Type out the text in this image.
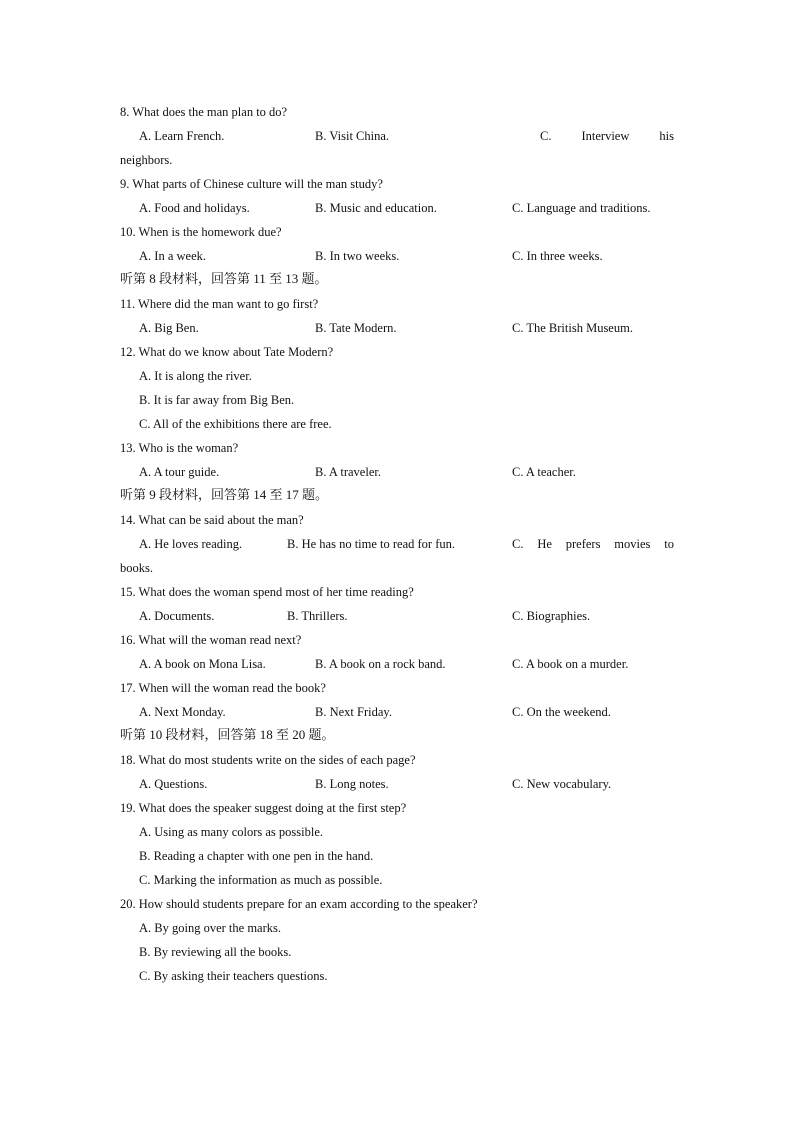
8. What does the man plan to do?
A. Learn French.	B. Visit China.	C. Interview his
neighbors.
9. What parts of Chinese culture will the man study?
A. Food and holidays.	B. Music and education.	C. Language and traditions.
10. When is the homework due?
A. In a week.	B. In two weeks.	C. In three weeks.
听第 8 段材料，回答第 11 至 13 题。
11. Where did the man want to go first?
A. Big Ben.	B. Tate Modern.	C. The British Museum.
12. What do we know about Tate Modern?
A. It is along the river.
B. It is far away from Big Ben.
C. All of the exhibitions there are free.
13. Who is the woman?
A. A tour guide.	B. A traveler.	C. A teacher.
听第 9 段材料，回答第 14 至 17 题。
14. What can be said about the man?
A. He loves reading.	B. He has no time to read for fun.	C. He prefers movies to
books.
15. What does the woman spend most of her time reading?
A. Documents.	B. Thrillers.	C. Biographies.
16. What will the woman read next?
A. A book on Mona Lisa.	B. A book on a rock band.	C. A book on a murder.
17. When will the woman read the book?
A. Next Monday.	B. Next Friday.	C. On the weekend.
听第 10 段材料，回答第 18 至 20 题。
18. What do most students write on the sides of each page?
A. Questions.	B. Long notes.	C. New vocabulary.
19. What does the speaker suggest doing at the first step?
A. Using as many colors as possible.
B. Reading a chapter with one pen in the hand.
C. Marking the information as much as possible.
20. How should students prepare for an exam according to the speaker?
A. By going over the marks.
B. By reviewing all the books.
C. By asking their teachers questions.
